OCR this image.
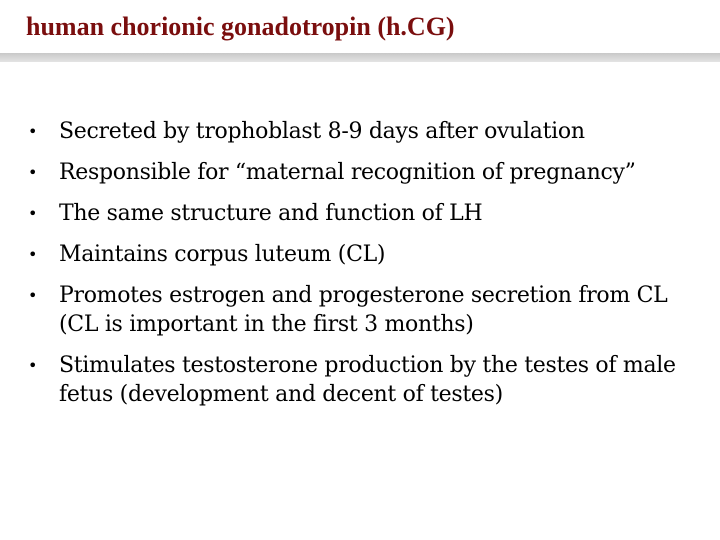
human chorionic gonadotropin (h.CG)
• Secreted by trophoblast 8-9 days after ovulation
• Responsible for “maternal recognition of pregnancy”
• The same structure and function of LH
• Maintains corpus luteum (CL)
• Promotes estrogen and progesterone secretion from CL (CL is important in the first 3 months)
• Stimulates testosterone production by the testes of male fetus (development and decent of testes)
